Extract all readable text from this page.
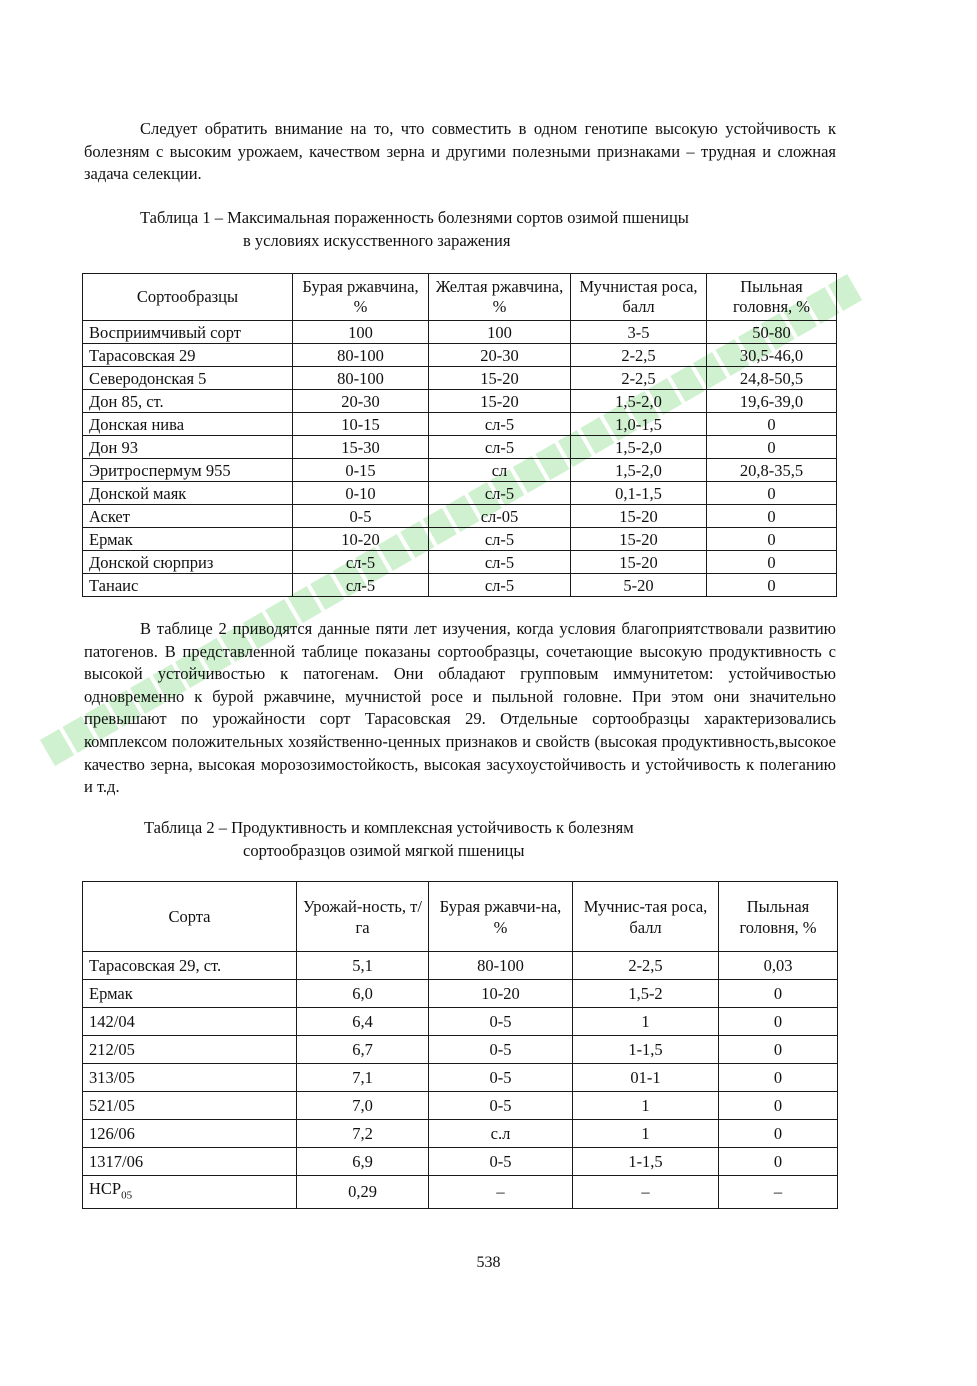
Следует обратить внимание на то, что совместить в одном генотипе высокую устойчивость к болезням с высоким урожаем, качеством зерна и другими полезными признаками – трудная и сложная задача селекции.

Таблица 1 – Максимальная пораженность болезнями сортов озимой пшеницы

в условиях искусственного заражения

Сортообразцы	Бурая ржавчина, %	Желтая ржавчина, %	Мучнистая роса, балл	Пыльная головня, %
Восприимчивый сорт	100	100	3-5	50-80
Тарасовская 29	80-100	20-30	2-2,5	30,5-46,0
Северодонская 5	80-100	15-20	2-2,5	24,8-50,5
Дон 85, ст.	20-30	15-20	1,5-2,0	19,6-39,0
Донская нива	10-15	сл-5	1,0-1,5	0
Дон 93	15-30	сл-5	1,5-2,0	0
Эритроспермум 955	0-15	сл	1,5-2,0	20,8-35,5
Донской маяк	0-10	сл-5	0,1-1,5	0
Аскет	0-5	сл-05	15-20	0
Ермак	10-20	сл-5	15-20	0
Донской сюрприз	сл-5	сл-5	15-20	0
Танаис	сл-5	сл-5	5-20	0

В таблице 2 приводятся данные пяти лет изучения, когда условия благоприятствовали развитию патогенов. В представленной таблице показаны сортообразцы, сочетающие высокую продуктивность с высокой устойчивостью к патогенам. Они обладают групповым иммунитетом: устойчивостью одновременно к бурой ржавчине, мучнистой росе и пыльной головне. При этом они значительно превышают по урожайности сорт Тарасовская 29. Отдельные сортообразцы характеризовались комплексом положительных хозяйственно-ценных признаков и свойств (высокая продуктивность,высокое качество зерна, высокая морозозимостойкость, высокая засухоустойчивость и устойчивость к полеганию и т.д.

Таблица 2 – Продуктивность и комплексная устойчивость к болезням

сортообразцов озимой мягкой пшеницы

Сорта	Урожай-ность, т/га	Бурая ржавчи-на, %	Мучнис-тая роса, балл	Пыльная головня, %
Тарасовская 29, ст.	5,1	80-100	2-2,5	0,03
Ермак	6,0	10-20	1,5-2	0
142/04	6,4	0-5	1	0
212/05	6,7	0-5	1-1,5	0
313/05	7,1	0-5	01-1	0
521/05	7,0	0-5	1	0
126/06	7,2	с.л	1	0
1317/06	6,9	0-5	1-1,5	0
$НСР_{05}$	0,29	–	–	–
538
